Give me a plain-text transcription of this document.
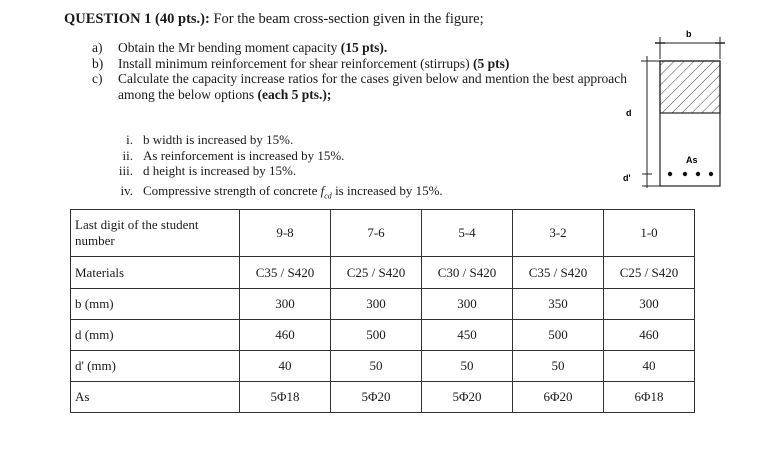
QUESTION 1 (40 pts.): For the beam cross-section given in the figure;
a)	Obtain the Mr bending moment capacity (15 pts).
b)	Install minimum reinforcement for shear reinforcement (stirrups) (5 pts)
c)	Calculate the capacity increase ratios for the cases given below and mention the best approach among the below options (each 5 pts.);
i. b width is increased by 15%.
ii. As reinforcement is increased by 15%.
iii. d height is increased by 15%.
iv. Compressive strength of concrete $f_{cd}$ is increased by 15%.
Last digit of the student number	9-8	7-6	5-4	3-2	1-0
Materials	C35 / S420	C25 / S420	C30 / S420	C35 / S420	C25 / S420
b (mm)	300	300	300	350	300
d (mm)	460	500	450	500	460
d' (mm)	40	50	50	50	40
As	5Φ18	5Φ20	5Φ20	6Φ20	6Φ18
b
d
d'
As
